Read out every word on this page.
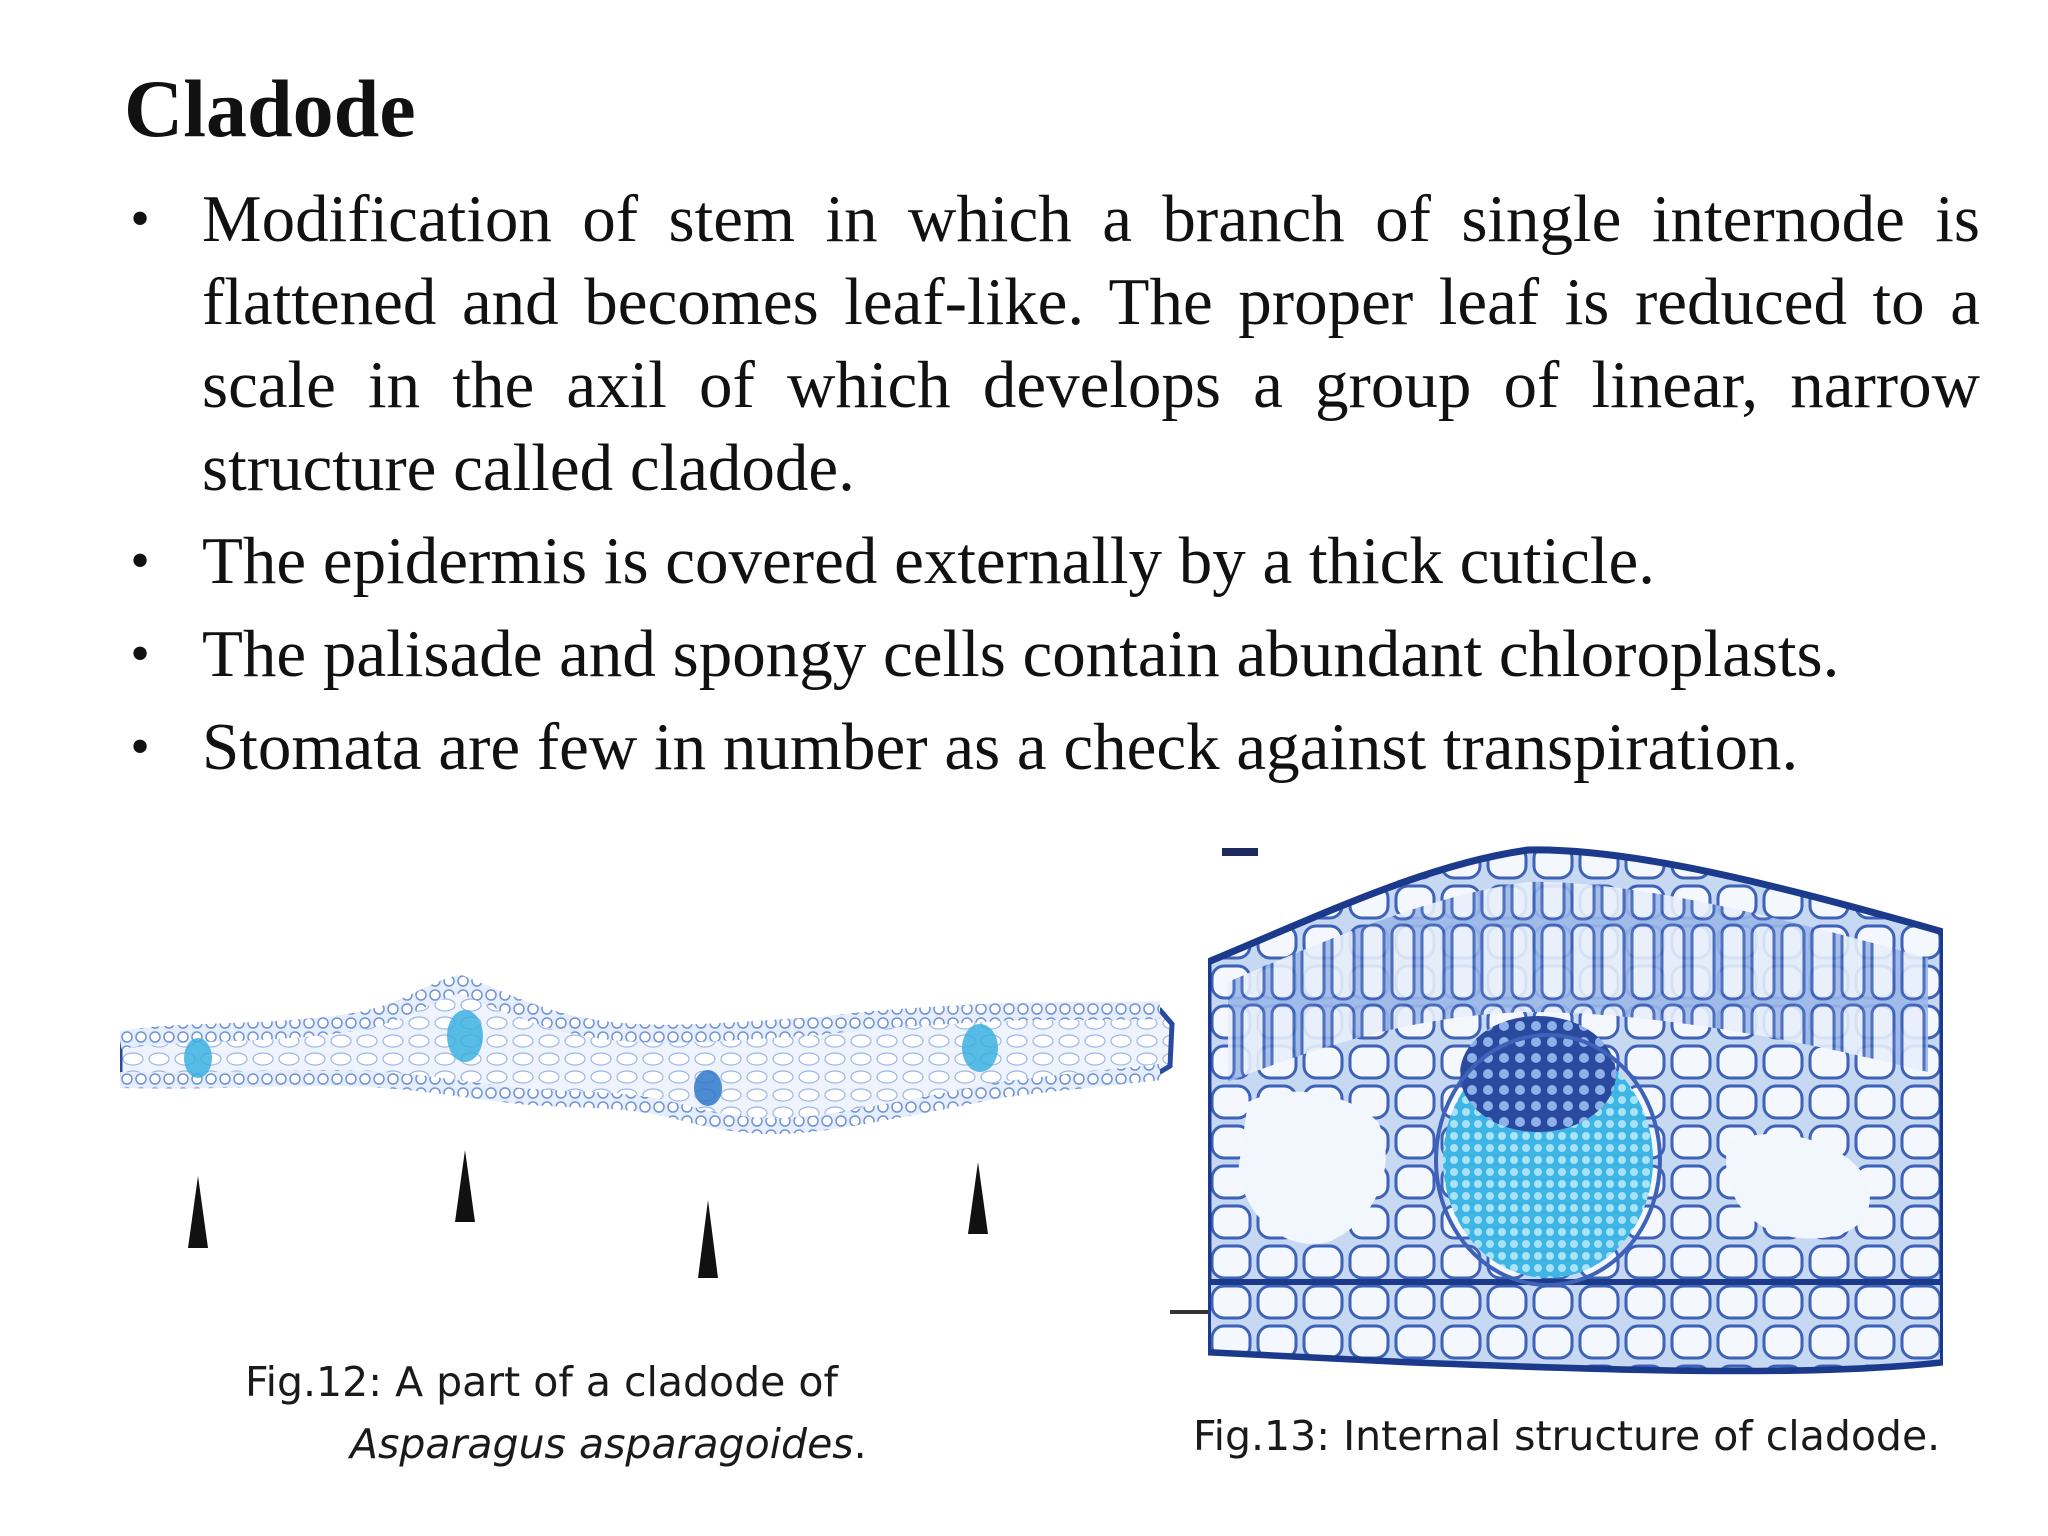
Cladode
• Modification of stem in which a branch of single internode is flattened and becomes leaf-like. The proper leaf is reduced to a scale in the axil of which develops a group of linear, narrow structure called cladode.
• The epidermis is covered externally by a thick cuticle.
• The palisade and spongy cells contain abundant chloroplasts.
• Stomata are few in number as a check against transpiration.
Fig.12: A part of a cladode of
Asparagus asparagoides.	Fig.13: Internal structure of cladode.
